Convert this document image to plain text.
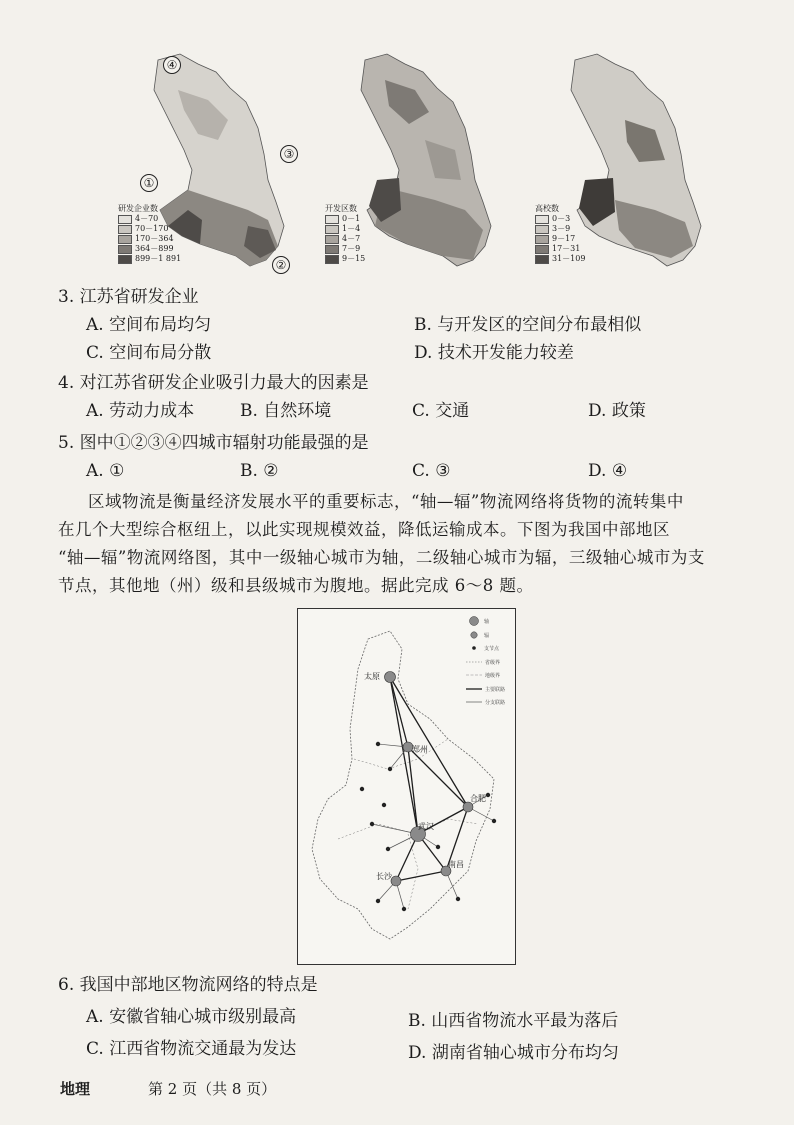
④
③
①
②
研发企业数
4－70
70－170
170－364
364－899
899－1 891
开发区数
0－1
1－4
4－7
7－9
9－15
高校数
0－3
3－9
9－17
17－31
31－109
3. 江苏省研发企业
A. 空间布局均匀	B. 与开发区的空间分布最相似
C. 空间布局分散	D. 技术开发能力较差
4. 对江苏省研发企业吸引力最大的因素是
A. 劳动力成本	B. 自然环境	C. 交通	D. 政策
5. 图中①②③④四城市辐射功能最强的是
A. ①	B. ②	C. ③	D. ④
区域物流是衡量经济发展水平的重要标志，“轴—辐”物流网络将货物的流转集中
在几个大型综合枢纽上，以此实现规模效益，降低运输成本。下图为我国中部地区
“轴—辐”物流网络图，其中一级轴心城市为轴，二级轴心城市为辐，三级轴心城市为支
节点，其他地（州）级和县级城市为腹地。据此完成 6～8 题。
太原
郑州
武汉
合肥
长沙
南昌
轴
辐
支节点
省级界
地级界
主要联路
分支联路
6. 我国中部地区物流网络的特点是
A. 安徽省轴心城市级别最高	B. 山西省物流水平最为落后
C. 江西省物流交通最为发达	D. 湖南省轴心城市分布均匀
地理	第 2 页（共 8 页）
